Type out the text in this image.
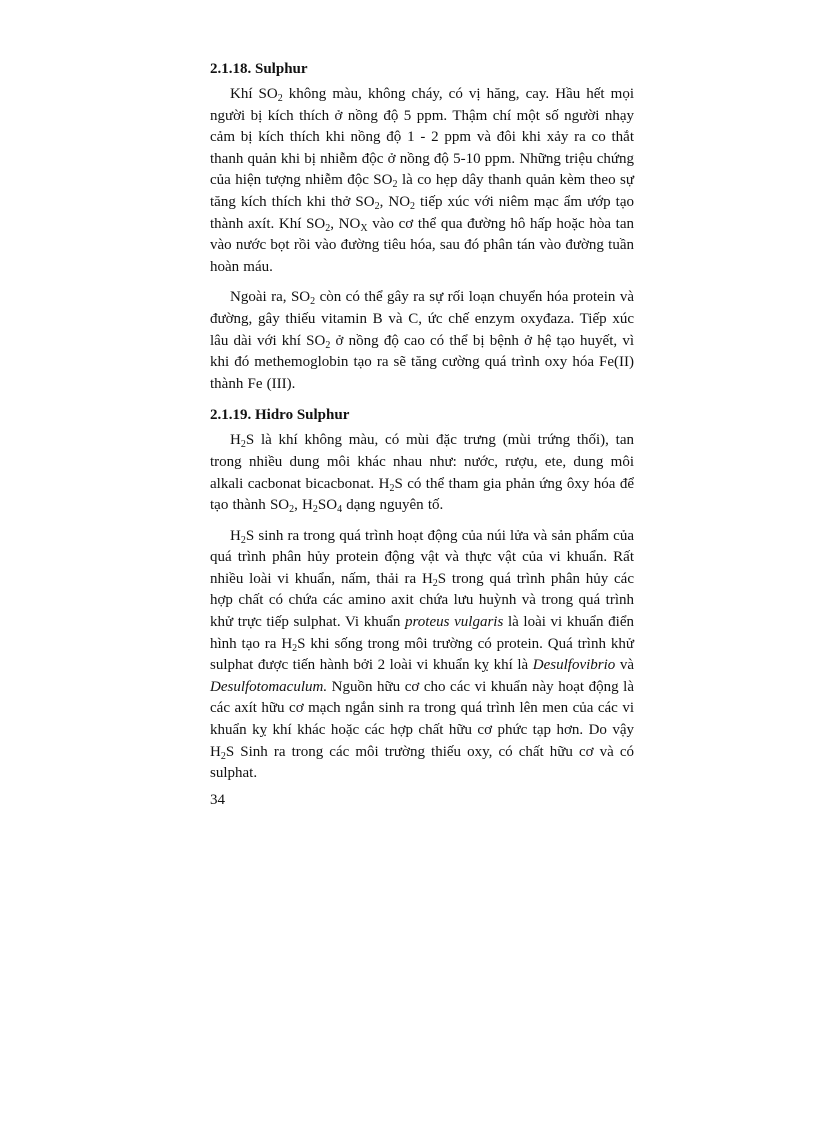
2.1.18. Sulphur

Khí $SO_2$ không màu, không cháy, có vị hăng, cay. Hầu hết mọi người bị kích thích ở nồng độ 5 ppm. Thậm chí một số người nhạy cảm bị kích thích khi nồng độ 1 - 2 ppm và đôi khi xảy ra co thắt thanh quản khi bị nhiễm độc ở nồng độ 5-10 ppm. Những triệu chứng của hiện tượng nhiễm độc $SO_2$ là co hẹp dây thanh quản kèm theo sự tăng kích thích khi thở $SO_2$, $NO_2$ tiếp xúc với niêm mạc ẩm ướp tạo thành axít. Khí $SO_2$, $NO_X$ vào cơ thể qua đường hô hấp hoặc hòa tan vào nước bọt rồi vào đường tiêu hóa, sau đó phân tán vào đường tuần hoàn máu.

Ngoài ra, $SO_2$ còn có thể gây ra sự rối loạn chuyển hóa protein và đường, gây thiếu vitamin B và C, ức chế enzym oxyđaza. Tiếp xúc lâu dài với khí $SO_2$ ở nồng độ cao có thể bị bệnh ở hệ tạo huyết, vì khi đó methemoglobin tạo ra sẽ tăng cường quá trình oxy hóa Fe(II) thành Fe (III).

2.1.19. Hidro Sulphur

$H_2S$ là khí không màu, có mùi đặc trưng (mùi trứng thối), tan trong nhiều dung môi khác nhau như: nước, rượu, ete, dung môi alkali cacbonat bicacbonat. $H_2S$ có thể tham gia phản ứng ôxy hóa để tạo thành $SO_2$, $H_2SO_4$ dạng nguyên tố.

$H_2S$ sinh ra trong quá trình hoạt động của núi lửa và sản phẩm của quá trình phân hủy protein động vật và thực vật của vi khuẩn. Rất nhiều loài vi khuẩn, nấm, thải ra $H_2S$ trong quá trình phân hủy các hợp chất có chứa các amino axit chứa lưu huỳnh và trong quá trình khử trực tiếp sulphat. Vi khuẩn proteus vulgaris là loài vi khuẩn điển hình tạo ra $H_2S$ khi sống trong môi trường có protein. Quá trình khử sulphat được tiến hành bởi 2 loài vi khuẩn kỵ khí là Desulfovibrio và Desulfotomaculum. Nguồn hữu cơ cho các vi khuẩn này hoạt động là các axít hữu cơ mạch ngắn sinh ra trong quá trình lên men của các vi khuẩn kỵ khí khác hoặc các hợp chất hữu cơ phức tạp hơn. Do vậy $H_2S$ Sinh ra trong các môi trường thiếu oxy, có chất hữu cơ và có sulphat.

34
